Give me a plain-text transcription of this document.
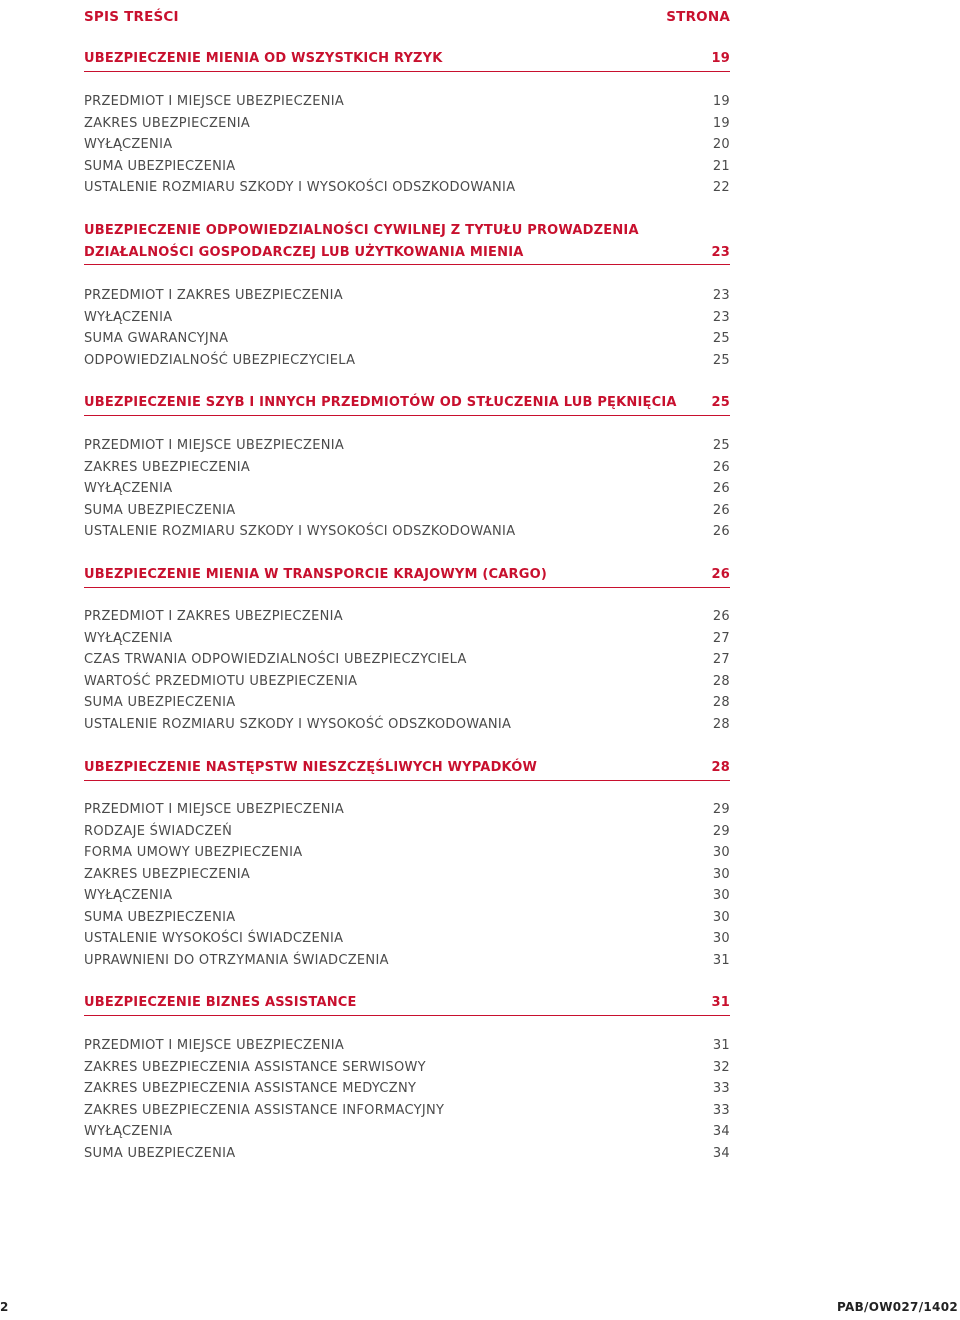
SPIS TREŚCI	STRONA
UBEZPIECZENIE MIENIA OD WSZYSTKICH RYZYK	19
PRZEDMIOT I MIEJSCE UBEZPIECZENIA	19
ZAKRES UBEZPIECZENIA	19
WYŁĄCZENIA	20
SUMA UBEZPIECZENIA	21
USTALENIE ROZMIARU SZKODY I WYSOKOŚCI ODSZKODOWANIA	22
UBEZPIECZENIE ODPOWIEDZIALNOŚCI CYWILNEJ Z TYTUŁU PROWADZENIA
DZIAŁALNOŚCI GOSPODARCZEJ LUB UŻYTKOWANIA MIENIA	23
PRZEDMIOT I ZAKRES UBEZPIECZENIA	23
WYŁĄCZENIA	23
SUMA GWARANCYJNA	25
ODPOWIEDZIALNOŚĆ UBEZPIECZYCIELA	25
UBEZPIECZENIE SZYB I INNYCH PRZEDMIOTÓW OD STŁUCZENIA LUB PĘKNIĘCIA	25
PRZEDMIOT I MIEJSCE UBEZPIECZENIA	25
ZAKRES UBEZPIECZENIA	26
WYŁĄCZENIA	26
SUMA UBEZPIECZENIA	26
USTALENIE ROZMIARU SZKODY I WYSOKOŚCI ODSZKODOWANIA	26
UBEZPIECZENIE MIENIA W TRANSPORCIE KRAJOWYM (CARGO)	26
PRZEDMIOT I ZAKRES UBEZPIECZENIA	26
WYŁĄCZENIA	27
CZAS TRWANIA ODPOWIEDZIALNOŚCI UBEZPIECZYCIELA	27
WARTOŚĆ PRZEDMIOTU UBEZPIECZENIA	28
SUMA UBEZPIECZENIA	28
USTALENIE ROZMIARU SZKODY I WYSOKOŚĆ ODSZKODOWANIA	28
UBEZPIECZENIE NASTĘPSTW NIESZCZĘŚLIWYCH WYPADKÓW	28
PRZEDMIOT I MIEJSCE UBEZPIECZENIA	29
RODZAJE ŚWIADCZEŃ	29
FORMA UMOWY UBEZPIECZENIA	30
ZAKRES UBEZPIECZENIA	30
WYŁĄCZENIA	30
SUMA UBEZPIECZENIA	30
USTALENIE WYSOKOŚCI ŚWIADCZENIA	30
UPRAWNIENI DO OTRZYMANIA ŚWIADCZENIA	31
UBEZPIECZENIE BIZNES ASSISTANCE	31
PRZEDMIOT I MIEJSCE UBEZPIECZENIA	31
ZAKRES UBEZPIECZENIA ASSISTANCE SERWISOWY	32
ZAKRES UBEZPIECZENIA ASSISTANCE MEDYCZNY	33
ZAKRES UBEZPIECZENIA ASSISTANCE INFORMACYJNY	33
WYŁĄCZENIA	34
SUMA UBEZPIECZENIA	34
2	PAB/OW027/1402
